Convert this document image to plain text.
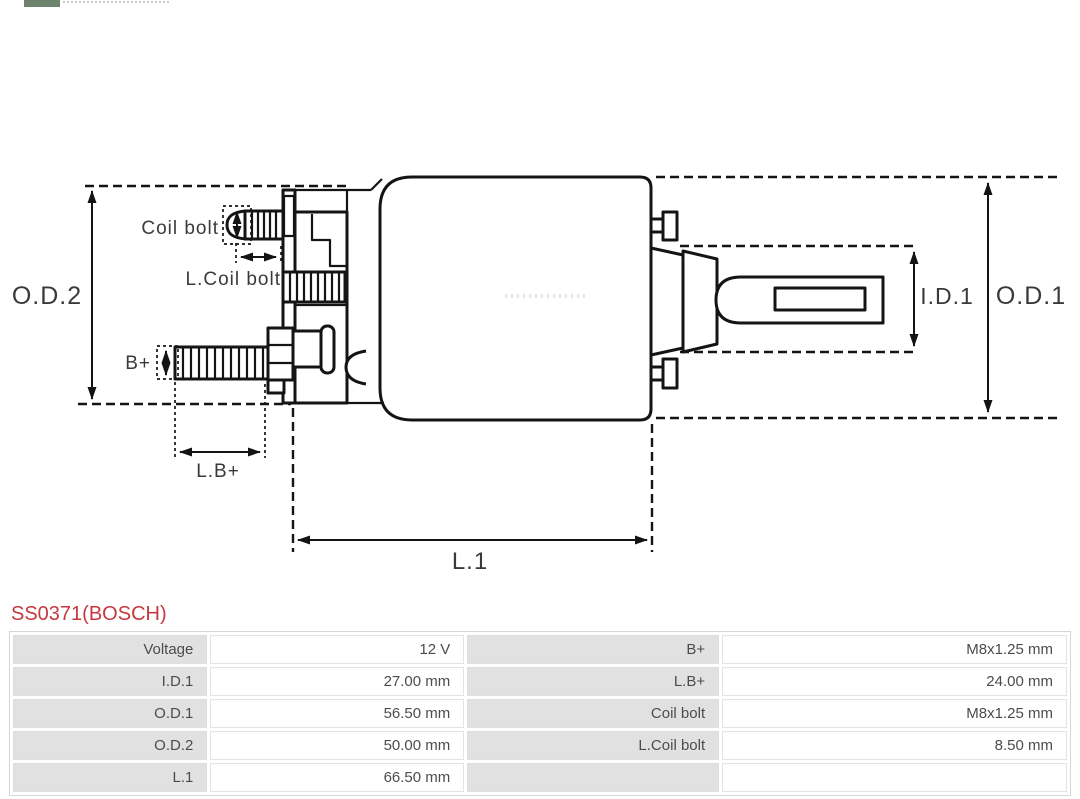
O.D.2	O.D.1
I.D.1
L.1
L.B+
B+
Coil bolt
L.Coil bolt
SS0371(BOSCH)
Voltage	12 V	B+	M8x1.25 mm
I.D.1	27.00 mm	L.B+	24.00 mm
O.D.1	56.50 mm	Coil bolt	M8x1.25 mm
O.D.2	50.00 mm	L.Coil bolt	8.50 mm
L.1	66.50 mm		
